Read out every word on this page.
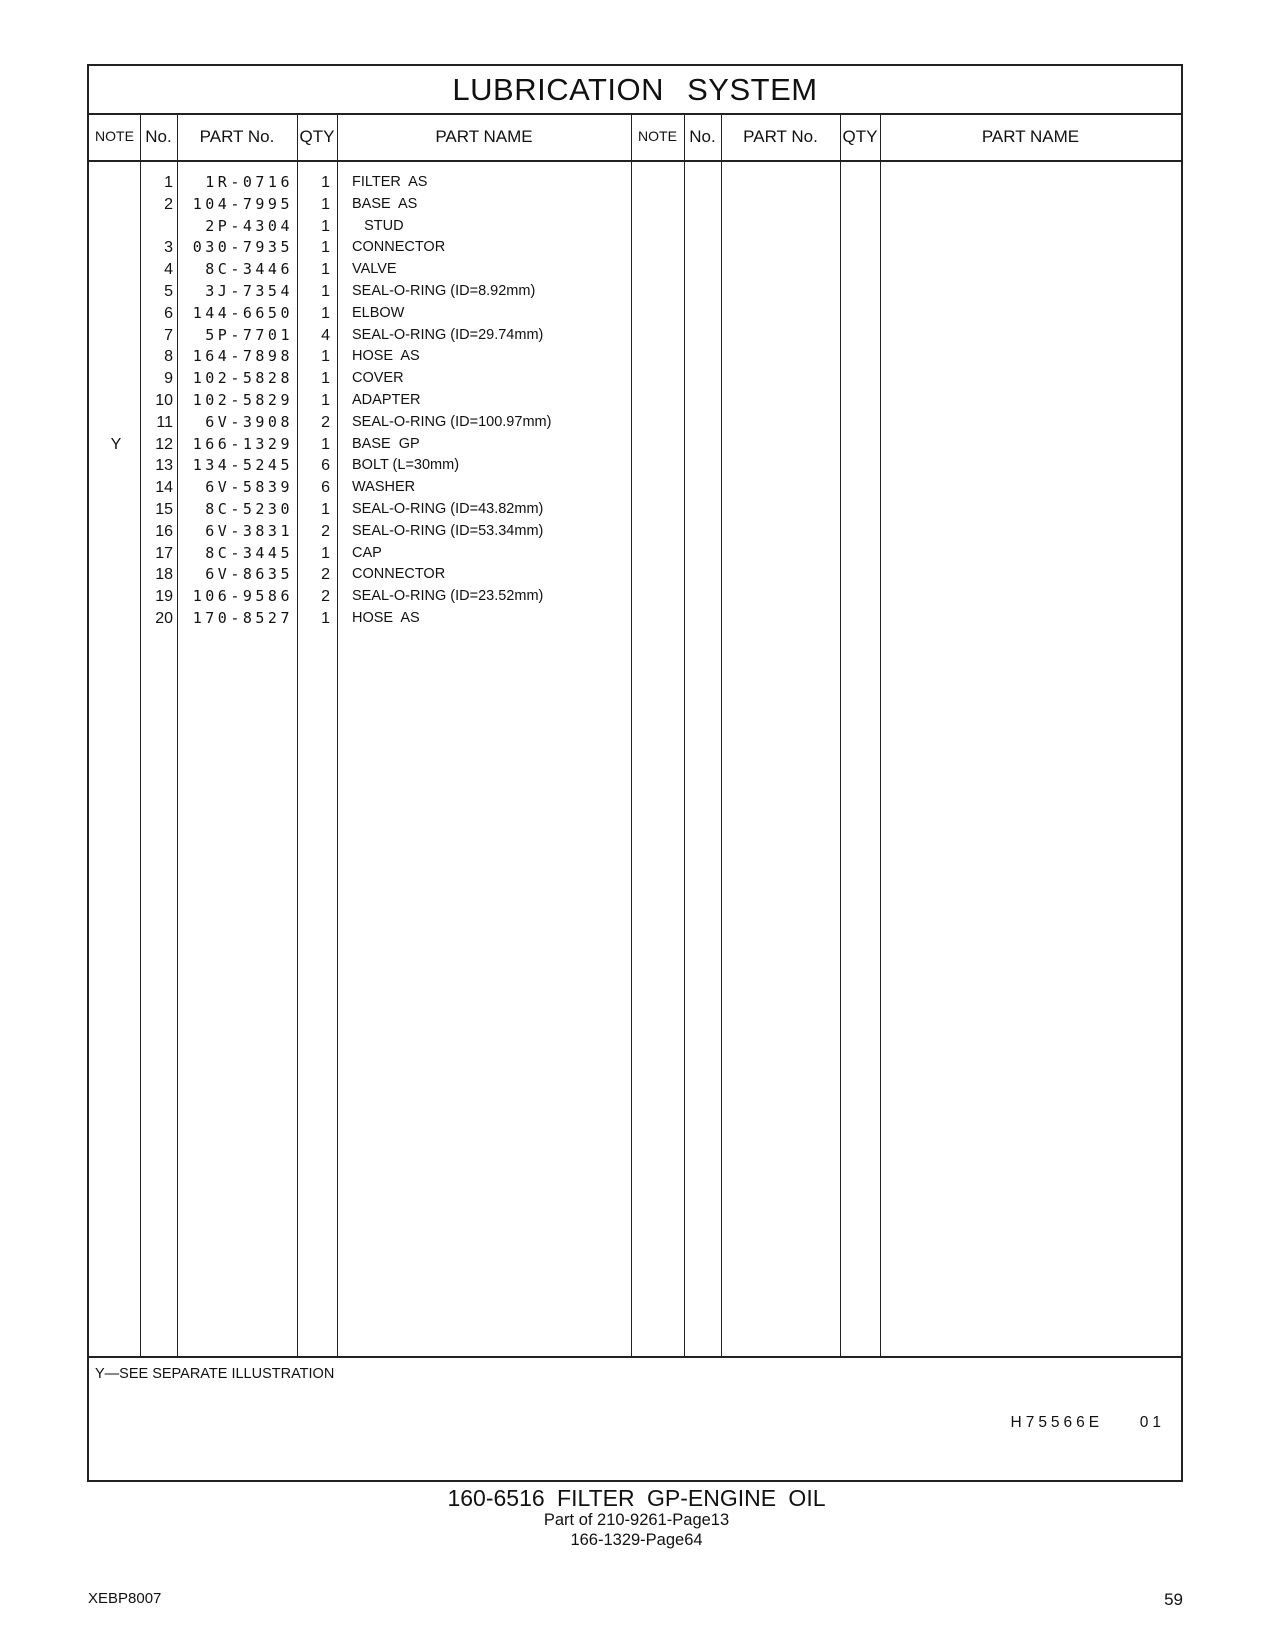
LUBRICATION SYSTEM
NOTE No.	PART No.	QTY	PART NAME	NOTE No.	PART No.	QTY	PART NAME
1	1R-0716	1 FILTER  AS
2	104-7995	1 BASE  AS
2P-4304	1 STUD
3	030-7935	1 CONNECTOR
4	8C-3446	1 VALVE
5	3J-7354	1 SEAL-O-RING (ID=8.92mm)
6	144-6650	1 ELBOW
7	5P-7701	4 SEAL-O-RING (ID=29.74mm)
8	164-7898	1 HOSE  AS
9	102-5828	1 COVER
10	102-5829	1 ADAPTER
11	6V-3908	2 SEAL-O-RING (ID=100.97mm)
Y	12	166-1329	1 BASE  GP
13	134-5245	6 BOLT (L=30mm)
14	6V-5839	6 WASHER
15	8C-5230	1 SEAL-O-RING (ID=43.82mm)
16	6V-3831	2 SEAL-O-RING (ID=53.34mm)
17	8C-3445	1 CAP
18	6V-8635	2 CONNECTOR
19	106-9586	2 SEAL-O-RING (ID=23.52mm)
20	170-8527	1 HOSE  AS
Y—SEE SEPARATE ILLUSTRATION
H75566E  01
160-6516 FILTER GP-ENGINE OIL
Part of 210-9261-Page13
166-1329-Page64
XEBP8007	59
